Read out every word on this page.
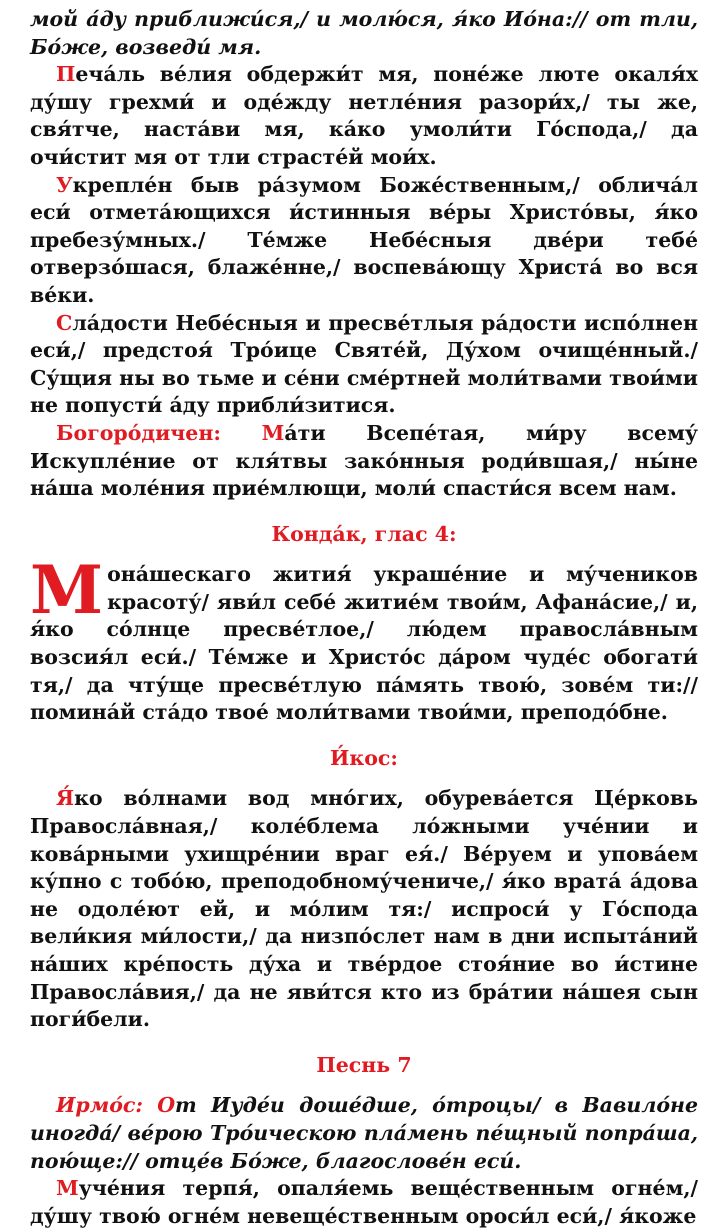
мой а́ду приближи́ся,/ и молю́ся, я́ко Ио́на:// от тли, Бо́же, возведи́ мя.

Печа́ль ве́лия обдержи́т мя, поне́же люте окаля́х ду́шу грехми́ и оде́жду нетле́ния разори́х,/ ты же, свя́тче, наста́ви мя, ка́ко умоли́ти Го́спода,/ да очи́стит мя от тли страсте́й мои́х.

Укрепле́н быв ра́зумом Боже́ственным,/ облича́л еси́ отмета́ющихся и́стинныя ве́ры Христо́вы, я́ко пребезу́мных./ Те́мже Небе́сныя две́ри тебе́ отверзо́шася, блаже́нне,/ воспева́ющу Христа́ во вся ве́ки.

Сла́дости Небе́сныя и пресве́тлыя ра́дости испо́лнен еси́,/ предстоя́ Тро́ице Святе́й, Ду́хом очище́нный./ Су́щия ны во тьме и се́ни сме́ртней моли́твами твои́ми не попусти́ а́ду прибли́зитися.

Богоро́дичен: Ма́ти Всепе́тая, ми́ру всему́ Искупле́ние от кля́твы зако́нныя роди́вшая,/ ны́не на́ша моле́ния прие́млющи, моли́ спасти́ся всем нам.

Конда́к, глас 4:

Мона́шескаго жития́ украше́ние и му́чеников красоту́/ яви́л себе́ житие́м твои́м, Афана́сие,/ и, я́ко со́лнце пресве́тлое,/ лю́дем правосла́вным возсия́л еси́./ Те́мже и Христо́с да́ром чуде́с обогати́ тя,/ да чту́ще пресве́тлую па́мять твою́, зове́м ти:// помина́й ста́до твое́ моли́твами твои́ми, преподо́бне.

И́кос:

Я́ко во́лнами вод мно́гих, обурева́ется Це́рковь Правосла́вная,/ коле́блема ло́жными уче́нии и кова́рными ухищре́нии враг ея́./ Ве́руем и упова́ем ку́пно с тобо́ю, преподобному́чениче,/ я́ко врата́ а́дова не одоле́ют ей, и мо́лим тя:/ испроси́ у Го́спода вели́кия ми́лости,/ да низпо́слет нам в дни испыта́ний на́ших кре́пость ду́ха и тве́рдое стоя́ние во и́стине Правосла́вия,/ да не яви́тся кто из бра́тии на́шея сын поги́бели.

Песнь 7

Ирмо́с: От Иуде́и доше́дше, о́троцы/ в Вавило́не иногда́/ ве́рою Тро́ическою пла́мень пе́щный попра́ша, пою́ще:// отце́в Бо́же, благослове́н еси́.

Муче́ния терпя́, опаля́емь веще́ственным огне́м,/ ду́шу твою́ огне́м невеще́ственным ороси́л еси́,/ я́коже
